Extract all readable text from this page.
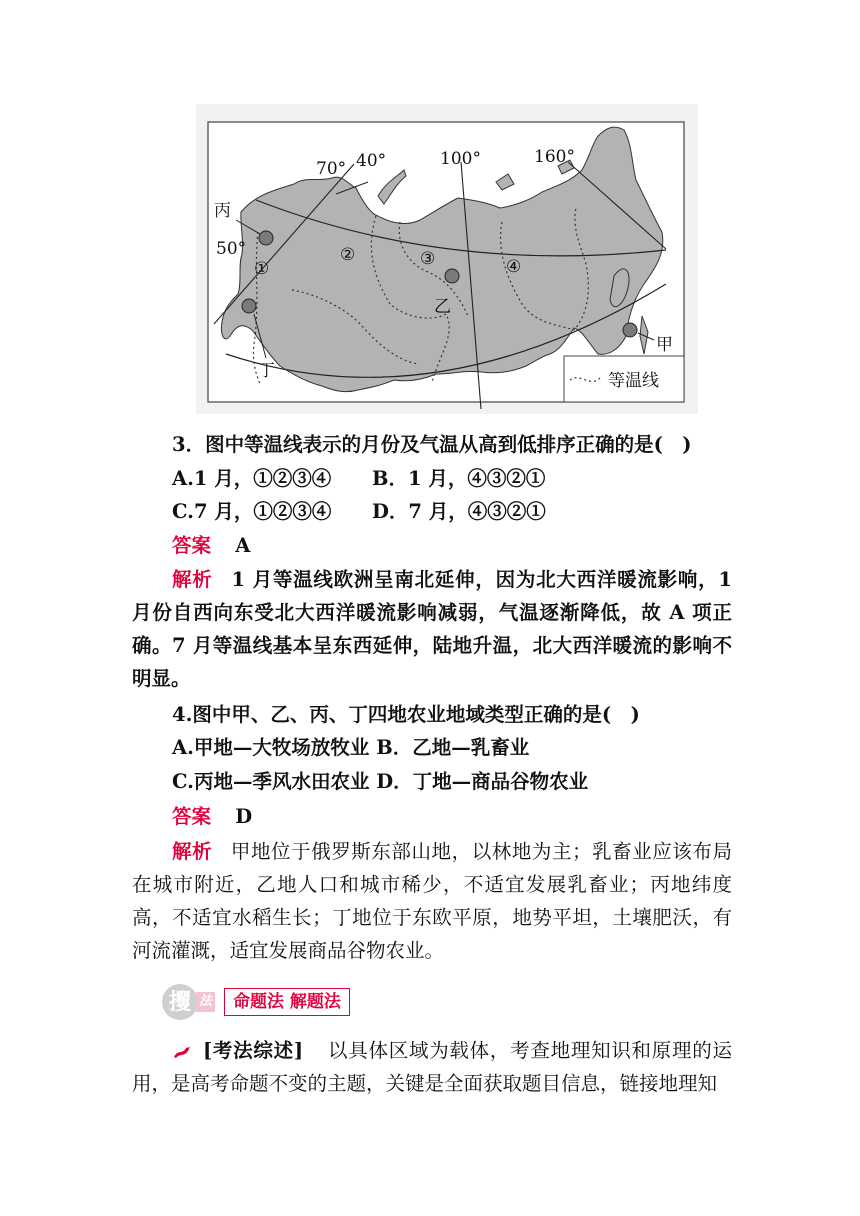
70° 40°	100°	160°
50°
丙
丁
乙
甲
①
②	③	④
等温线
3．图中等温线表示的月份及气温从高到低排序正确的是(　)
A.1 月，①②③④	B．1 月，④③②①
C.7 月，①②③④	D．7 月，④③②①
答案 A
解析 1 月等温线欧洲呈南北延伸，因为北大西洋暖流影响，1 月份自西向东受北大西洋暖流影响减弱，气温逐渐降低，故 A 项正确。7 月等温线基本呈东西延伸，陆地升温，北大西洋暖流的影响不明显。
4.图中甲、乙、丙、丁四地农业地域类型正确的是(　)
A.甲地—大牧场放牧业 B．乙地—乳畜业
C.丙地—季风水田农业 D．丁地—商品谷物农业
答案 D
解析 甲地位于俄罗斯东部山地，以林地为主；乳畜业应该布局在城市附近，乙地人口和城市稀少，不适宜发展乳畜业；丙地纬度高，不适宜水稻生长；丁地位于东欧平原，地势平坦，土壤肥沃，有河流灌溉，适宜发展商品谷物农业。
攫 法	命题法 解题法
[考法综述] 以具体区域为载体，考查地理知识和原理的运用，是高考命题不变的主题，关键是全面获取题目信息，链接地理知
